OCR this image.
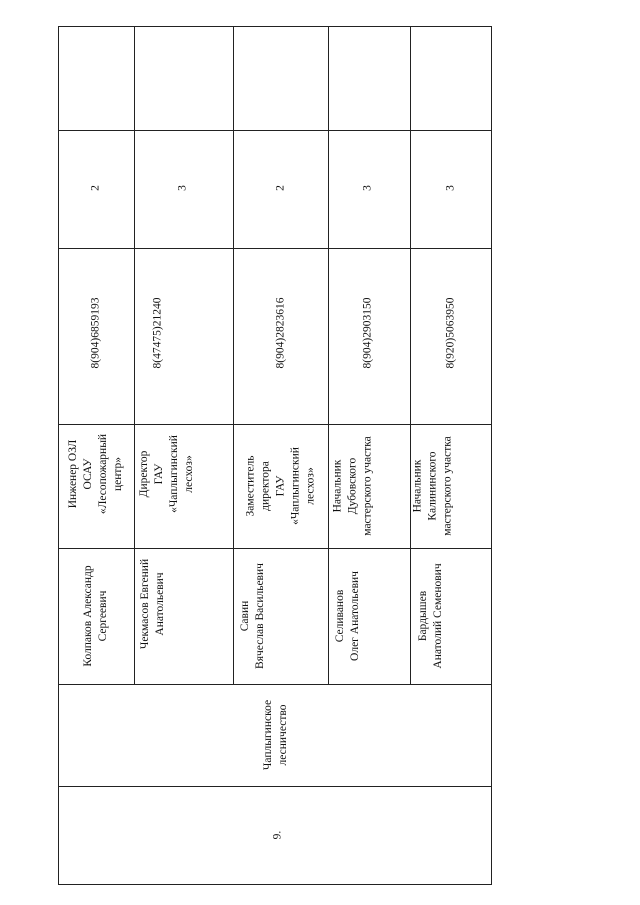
9.
Чаплыгинское лесничество
2
8(904)6859193
Инженер ОЗЛ ОСАУ «Лесопожарный центр»
Колпаков Александр Сергеевич
3
8(47475)21240
Директор ГАУ «Чаплыгинский лесхоз»
Чекмасов Евгений Анатольевич
2
8(904)2823616
Заместитель директора ГАУ «Чаплыгинский лесхоз»
Савин Вячеслав Васильевич
3
8(904)2903150
Начальник Дубовского мастерского участка
Селиванов Олег Анатольевич
3
8(920)5063950
Начальник Калининского мастерского участка
Бардышев Анатолий Семенович
